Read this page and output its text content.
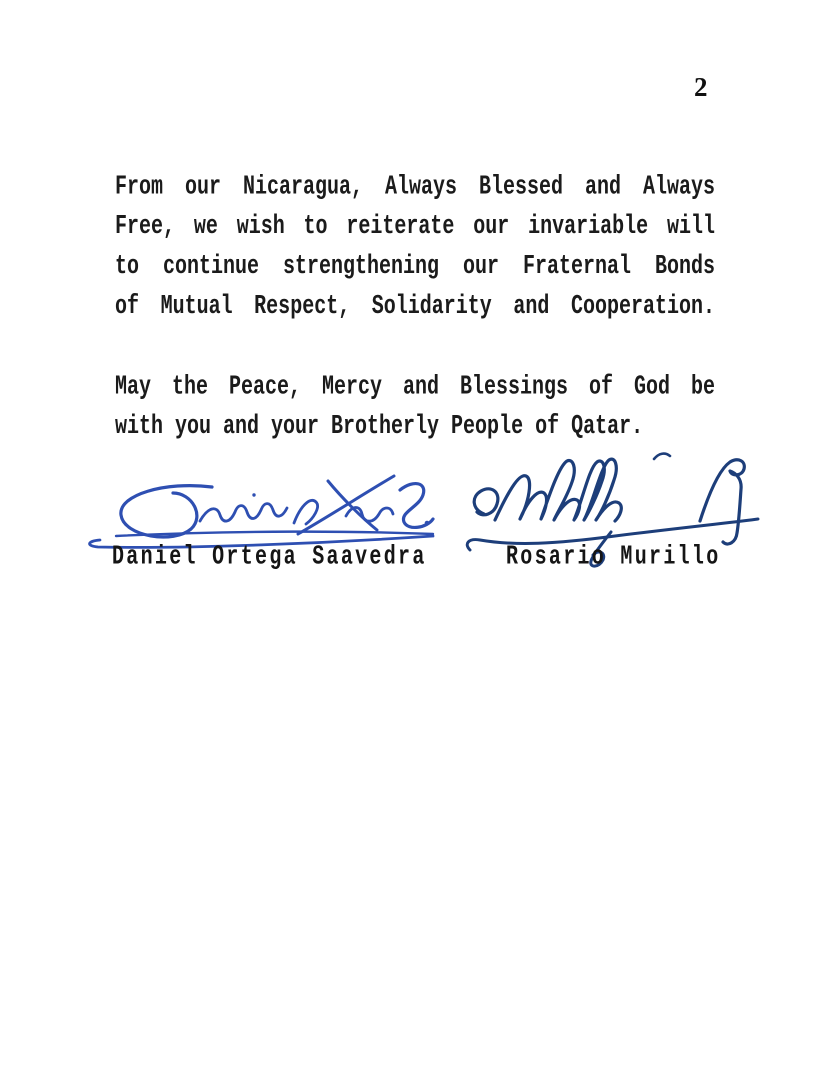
2
From our Nicaragua, Always Blessed and Always
Free, we wish to reiterate our invariable will
to continue strengthening our Fraternal Bonds
of Mutual Respect, Solidarity and Cooperation.
May the Peace, Mercy and Blessings of God be
with you and your Brotherly People of Qatar.
Daniel Ortega Saavedra	Rosario Murillo
